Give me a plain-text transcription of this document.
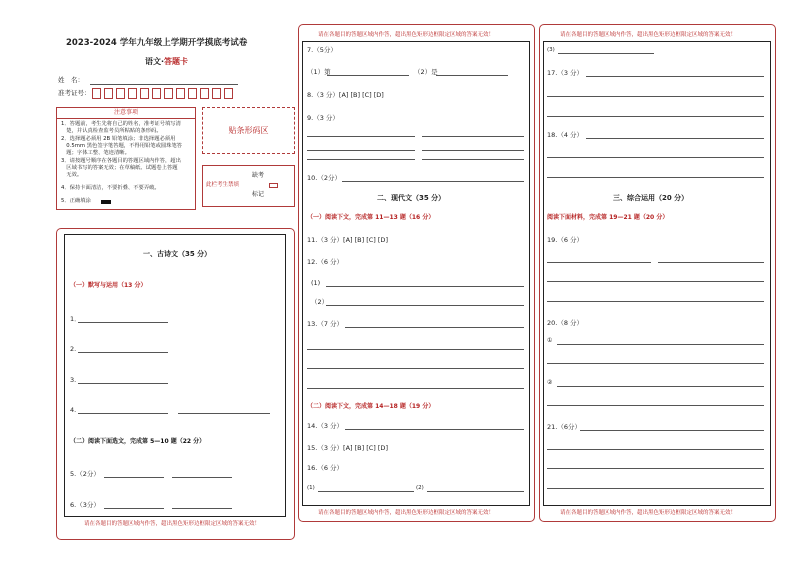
2023-2024 学年九年级上学期开学摸底考试卷
语文·答题卡
姓　名：
准考证号：
注意事项
1．答题前，考生先将自己的姓名，准考证号填写清
　楚，并认真检查监考员所粘贴的条形码。
2．选择题必须用 2B 铅笔填涂；非选择题必须用
　0.5mm 黑色签字笔答题，不得用铅笔或圆珠笔答
　题；字体工整、笔迹清晰。
3．请按题号顺序在各题目的答题区域内作答，超出
　区域书写的答案无效；在草稿纸、试题卷上答题
　无效。
4．保持卡面清洁，不要折叠、不要弄破。
5．正确填涂
贴条形码区
此栏考生禁填
缺考
标记
请在各题目的答题区域内作答，超出黑色矩形边框限定区域的答案无效！
一、古诗文（35 分）
（一）默写与运用（13 分）
1．
2.
3.
4.
（二）阅读下面选文，完成第 5—10 题（22 分）
5.（2分）
6.（3分）
请在各题目的答题区域内作答，超出黑色矩形边框限定区域的答案无效！
请在各题目的答题区域内作答，超出黑色矩形边框限定区域的答案无效！
7.（5分）
（1）第	（2）是
8.（3 分）[A] [B] [C] [D]
9.（3 分）
10.（2分）
二、现代文（35 分）
（一）阅读下文，完成第 11—13 题（16 分）
11.（3 分）[A] [B] [C] [D]
12.（6 分）
(1)
（2）
13.（7 分）
（二）阅读下文，完成第 14—18 题（19 分）
14.（3 分）
15.（3 分）[A] [B] [C] [D]
16.（6 分）
(1)	(2)
请在各题目的答题区域内作答，超出黑色矩形边框限定区域的答案无效！
请在各题目的答题区域内作答，超出黑色矩形边框限定区域的答案无效！
(3)
17.（3 分）
18.（4 分）
三、综合运用（20 分）
阅读下面材料，完成第 19—21 题（20 分）
19.（6 分）
20.（8 分）
①
②
21.（6分）
